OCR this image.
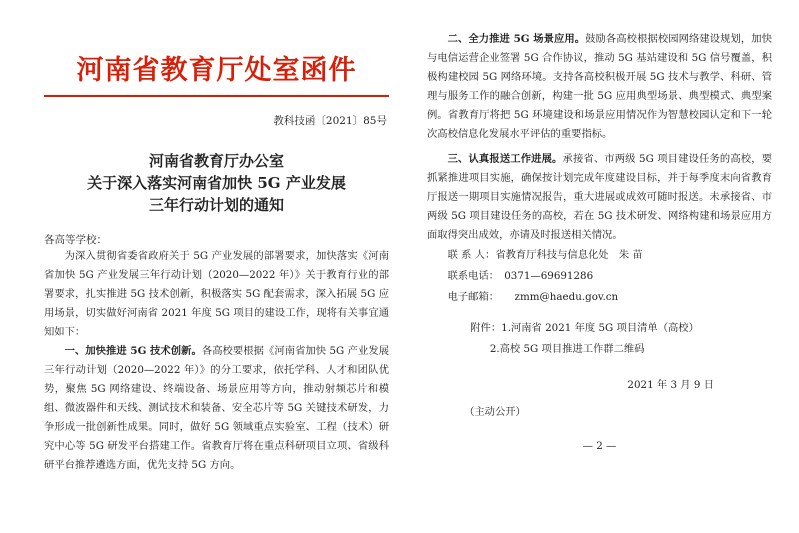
河南省教育厅处室函件
教科技函〔2021〕85号
河南省教育厅办公室
关于深入落实河南省加快 5G 产业发展
三年行动计划的通知
各高等学校：

为深入贯彻省委省政府关于 5G 产业发展的部署要求，加快落实《河南省加快 5G 产业发展三年行动计划（2020—2022 年）》关于教育行业的部署要求，扎实推进 5G 技术创新，积极落实 5G 配套需求，深入拓展 5G 应用场景，切实做好河南省 2021 年度 5G 项目的建设工作，现将有关事宜通知如下：

一、加快推进 5G 技术创新。各高校要根据《河南省加快 5G 产业发展三年行动计划（2020—2022 年）》的分工要求，依托学科、人才和团队优势，聚焦 5G 网络建设、终端设备、场景应用等方向，推动射频芯片和模组、微波器件和天线、测试技术和装备、安全芯片等 5G 关键技术研发，力争形成一批创新性成果。同时，做好 5G 领域重点实验室、工程（技术）研究中心等 5G 研发平台搭建工作。省教育厅将在重点科研项目立项、省级科研平台推荐遴选方面，优先支持 5G 方向。

二、全力推进 5G 场景应用。鼓励各高校根据校园网络建设规划，加快与电信运营企业签署 5G 合作协议，推动 5G 基站建设和 5G 信号覆盖，积极构建校园 5G 网络环境。支持各高校积极开展 5G 技术与教学、科研、管理与服务工作的融合创新，构建一批 5G 应用典型场景、典型模式、典型案例。省教育厅将把 5G 环境建设和场景应用情况作为智慧校园认定和下一轮次高校信息化发展水平评估的重要指标。

三、认真报送工作进展。承接省、市两级 5G 项目建设任务的高校，要抓紧推进项目实施，确保按计划完成年度建设目标，并于每季度末向省教育厅报送一期项目实施情况报告，重大进展或成效可随时报送。未承接省、市两级 5G 项目建设任务的高校，若在 5G 技术研发、网络构建和场景应用方面取得突出成效，亦请及时报送相关情况。

联 系 人：省教育厅科技与信息化处　朱 苗
联系电话：　0371—69691286
电子邮箱：　　zmm@haedu.gov.cn
附件：1.河南省 2021 年度 5G 项目清单（高校）
2.高校 5G 项目推进工作群二维码
2021 年 3 月 9 日
（主动公开）
— 2 —
